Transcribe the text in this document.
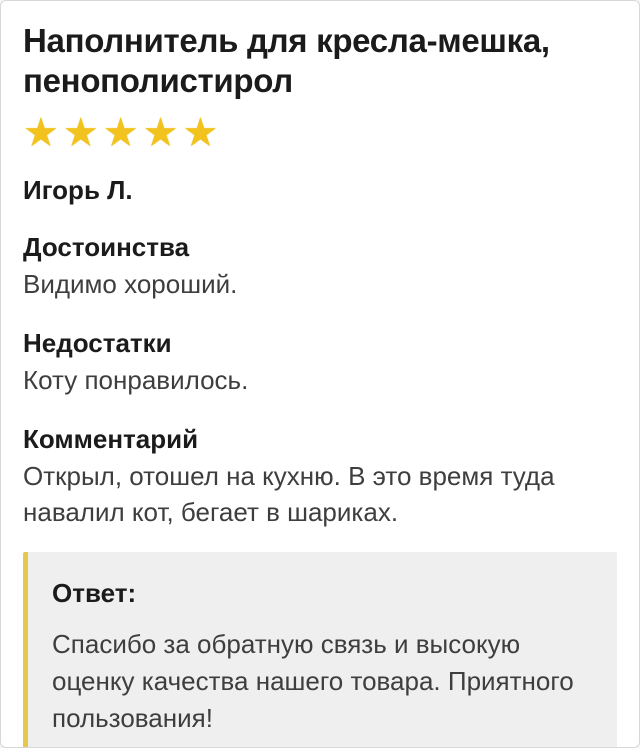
Наполнитель для кресла-мешка, пенополистирол
★ ★ ★ ★ ★
Игорь Л.
Достоинства
Видимо хороший.
Недостатки
Коту понравилось.
Комментарий
Открыл, отошел на кухню. В это время туда навалил кот, бегает в шариках.
Ответ:
Спасибо за обратную связь и высокую оценку качества нашего товара. Приятного пользования!
